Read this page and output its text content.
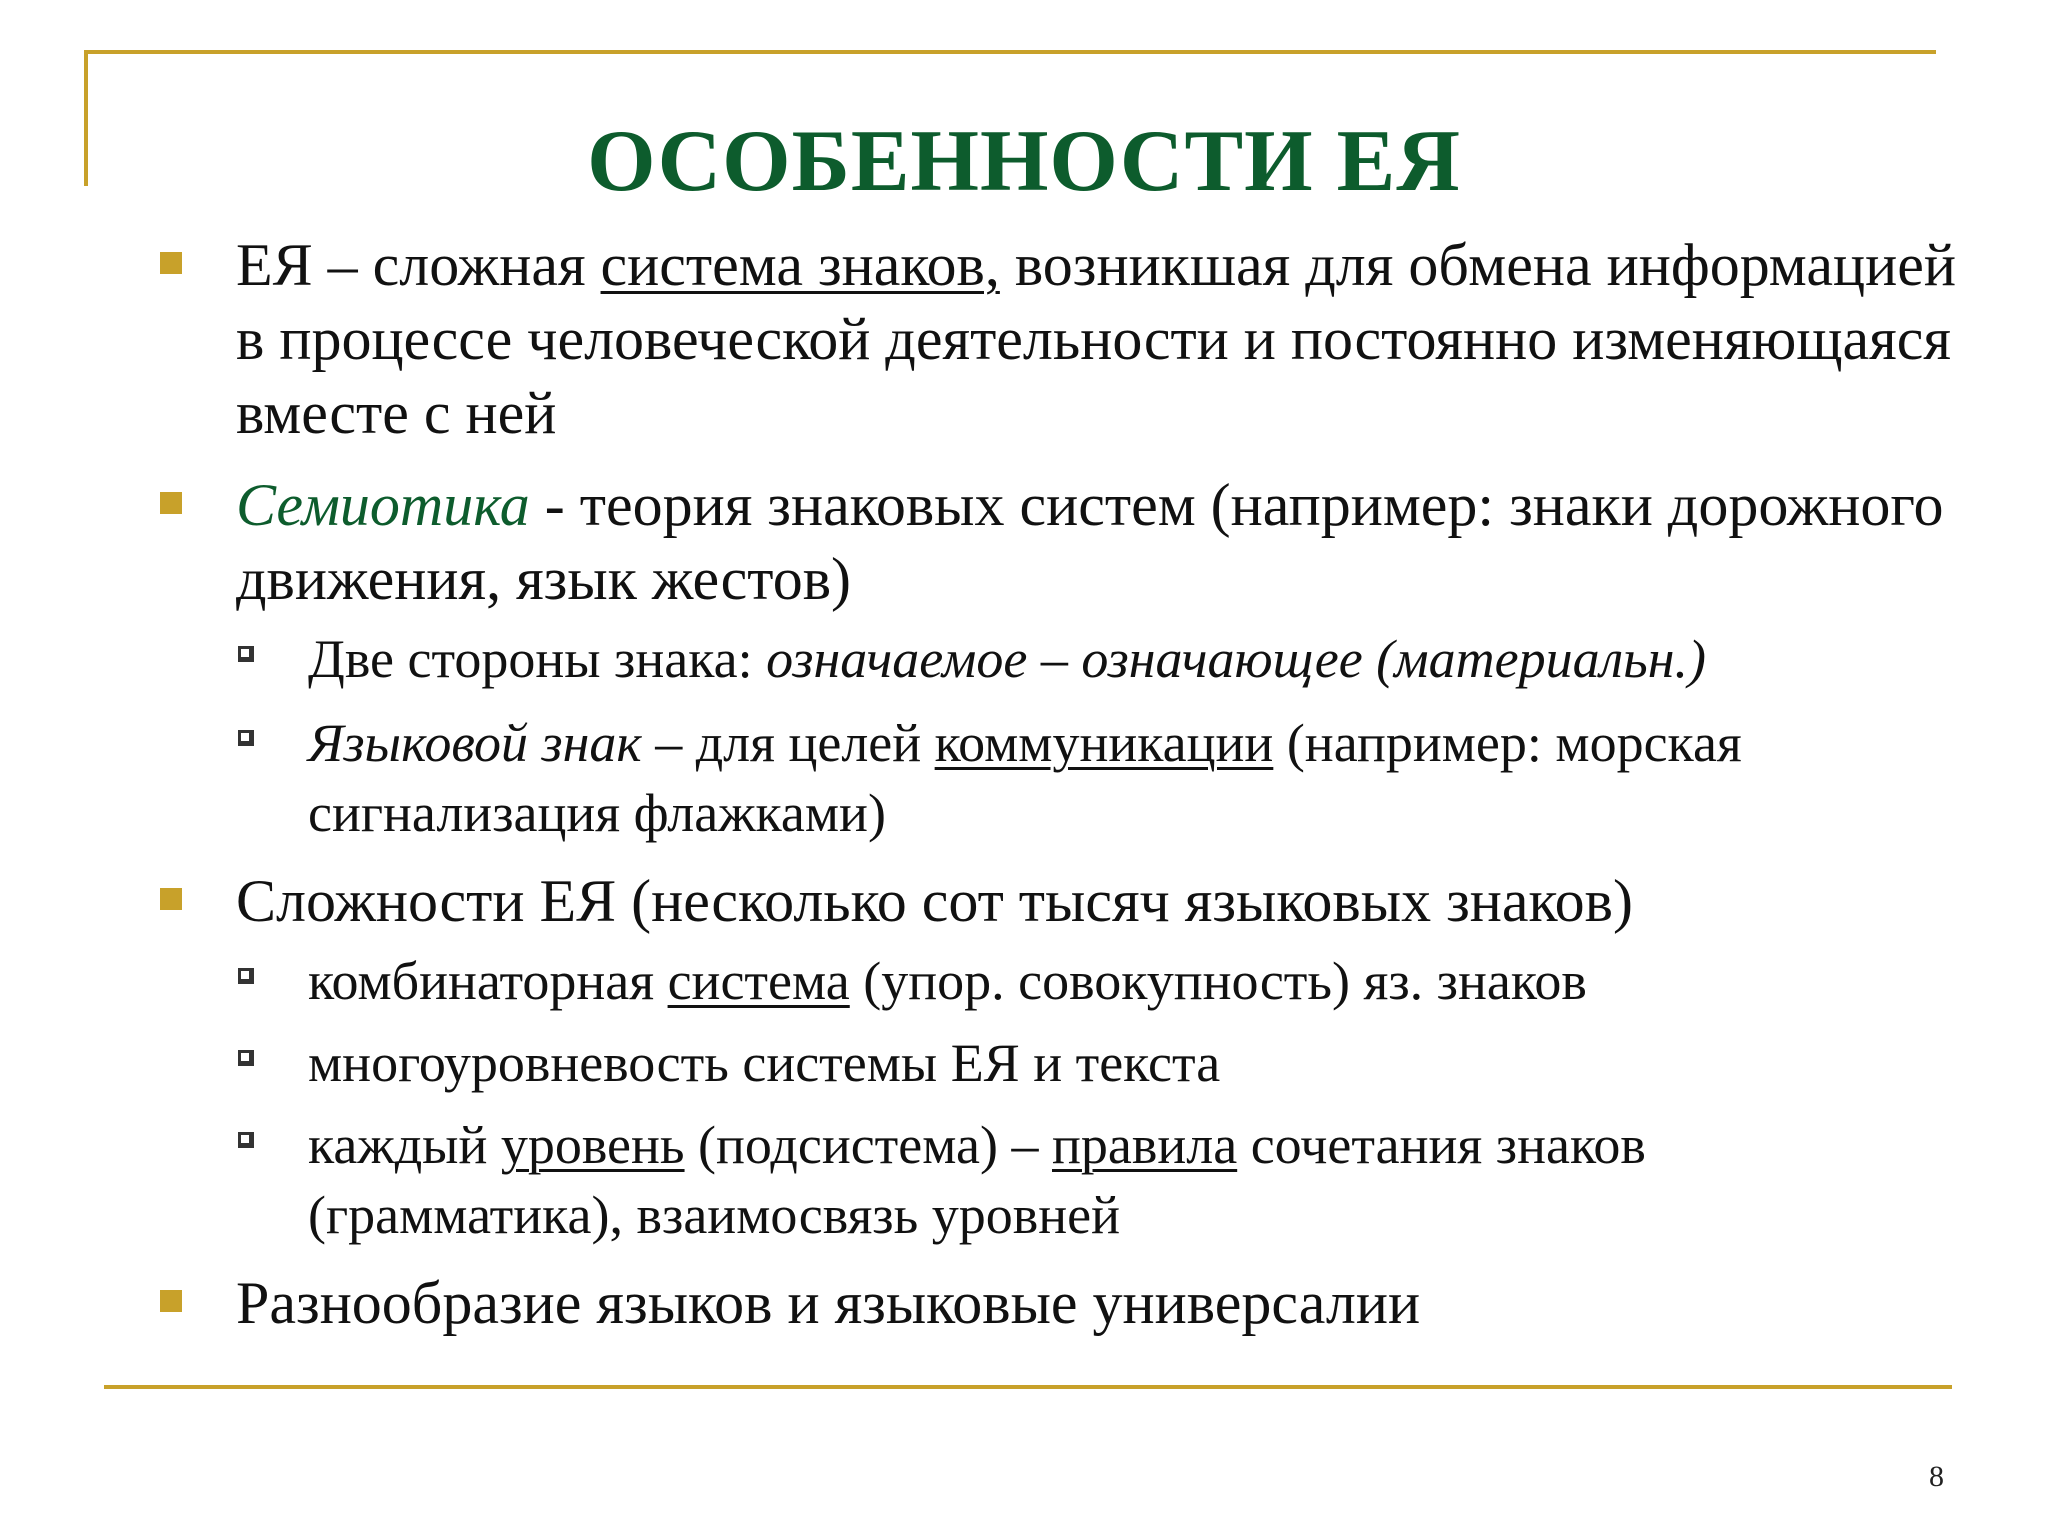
ОСОБЕННОСТИ ЕЯ
ЕЯ – сложная система знаков, возникшая для обмена информацией в процессе человеческой деятельности и постоянно изменяющаяся вместе с ней
Семиотика - теория знаковых систем (например: знаки дорожного движения, язык жестов)
Две стороны знака: означаемое – означающее (материальн.)
Языковой знак – для целей коммуникации (например: морская сигнализация флажками)
Сложности ЕЯ (несколько сот тысяч языковых знаков)
комбинаторная система (упор. совокупность) яз. знаков
многоуровневость системы ЕЯ и текста
каждый уровень (подсистема) – правила сочетания знаков (грамматика), взаимосвязь уровней
Разнообразие языков и языковые универсалии
8
